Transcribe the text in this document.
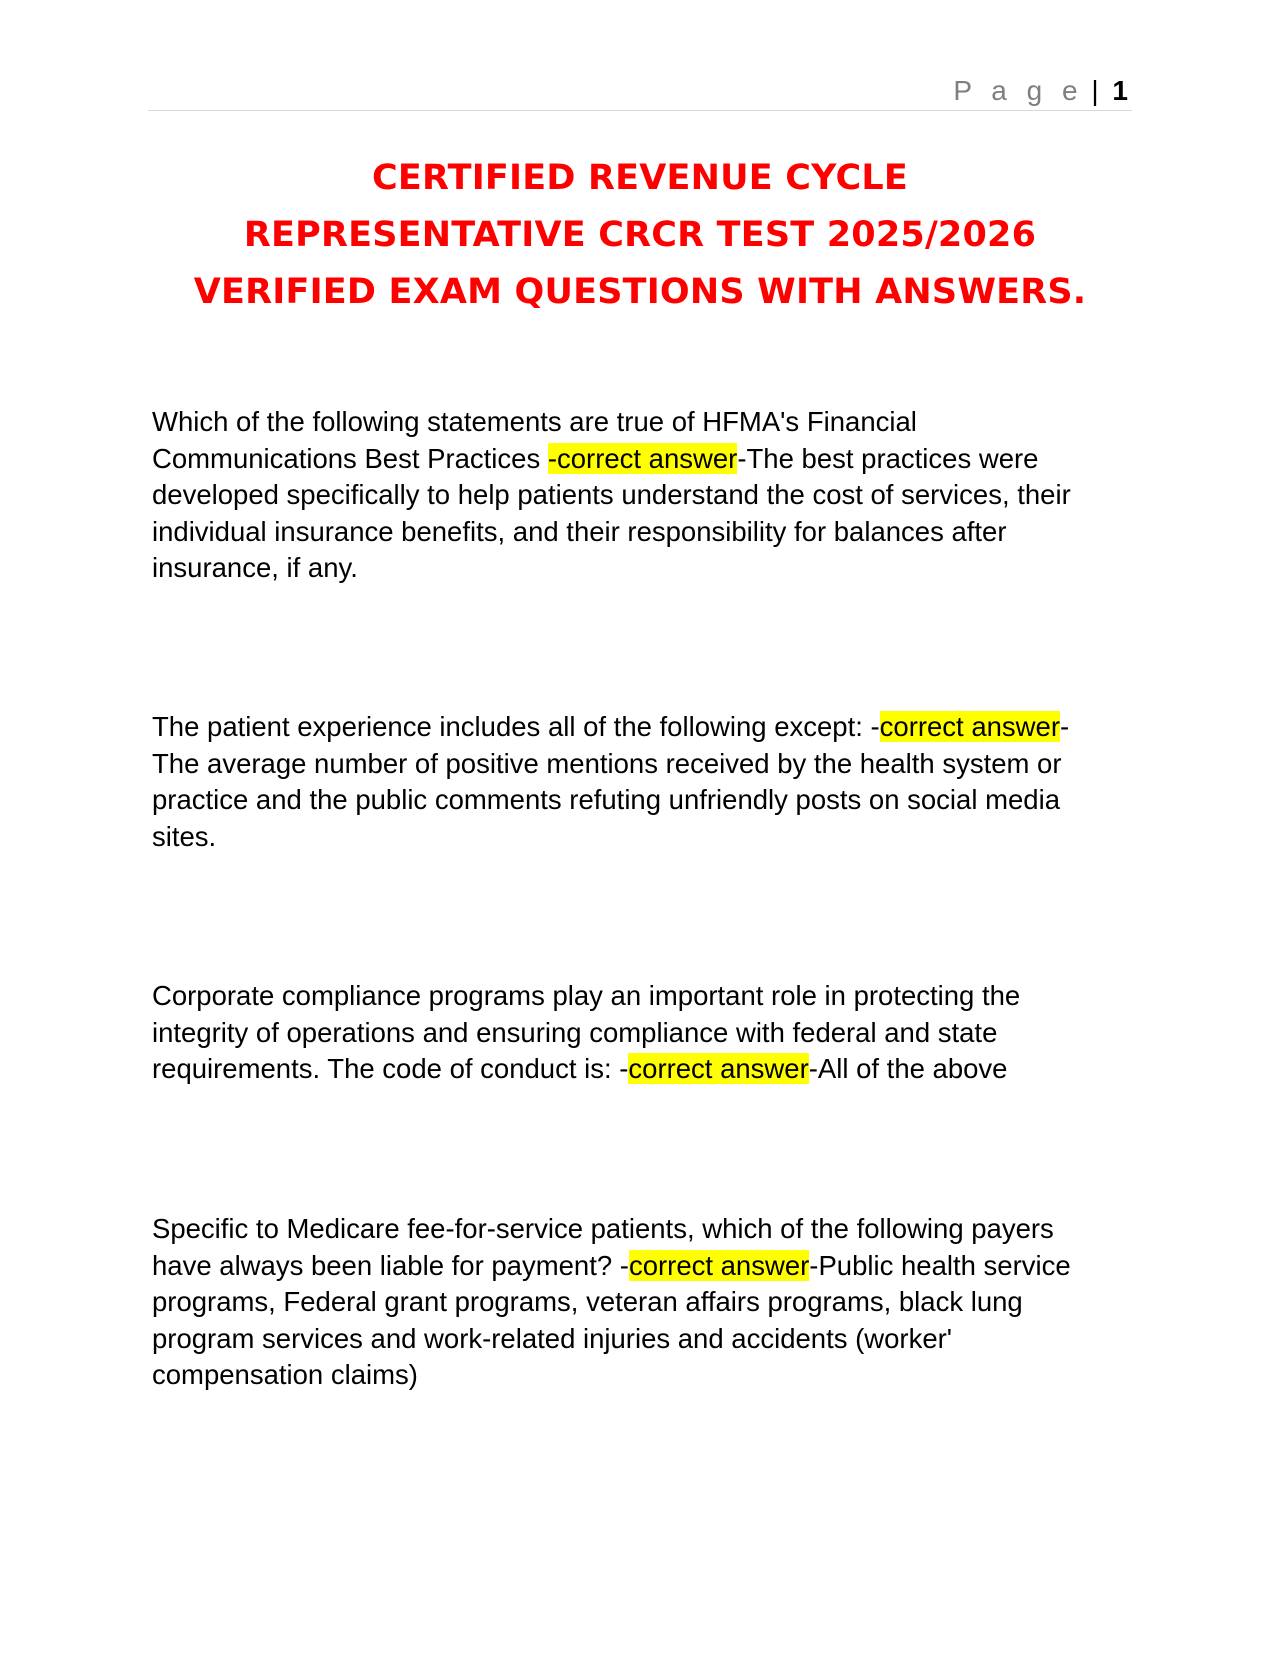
P a g e | 1
CERTIFIED REVENUE CYCLE
REPRESENTATIVE CRCR TEST 2025/2026
VERIFIED EXAM QUESTIONS WITH ANSWERS.

Which of the following statements are true of HFMA's Financial
Communications Best Practices -correct answer-The best practices were
developed specifically to help patients understand the cost of services, their
individual insurance benefits, and their responsibility for balances after
insurance, if any.

The patient experience includes all of the following except: -correct answer-
The average number of positive mentions received by the health system or
practice and the public comments refuting unfriendly posts on social media
sites.

Corporate compliance programs play an important role in protecting the
integrity of operations and ensuring compliance with federal and state
requirements. The code of conduct is: -correct answer-All of the above

Specific to Medicare fee-for-service patients, which of the following payers
have always been liable for payment? -correct answer-Public health service
programs, Federal grant programs, veteran affairs programs, black lung
program services and work-related injuries and accidents (worker'
compensation claims)
